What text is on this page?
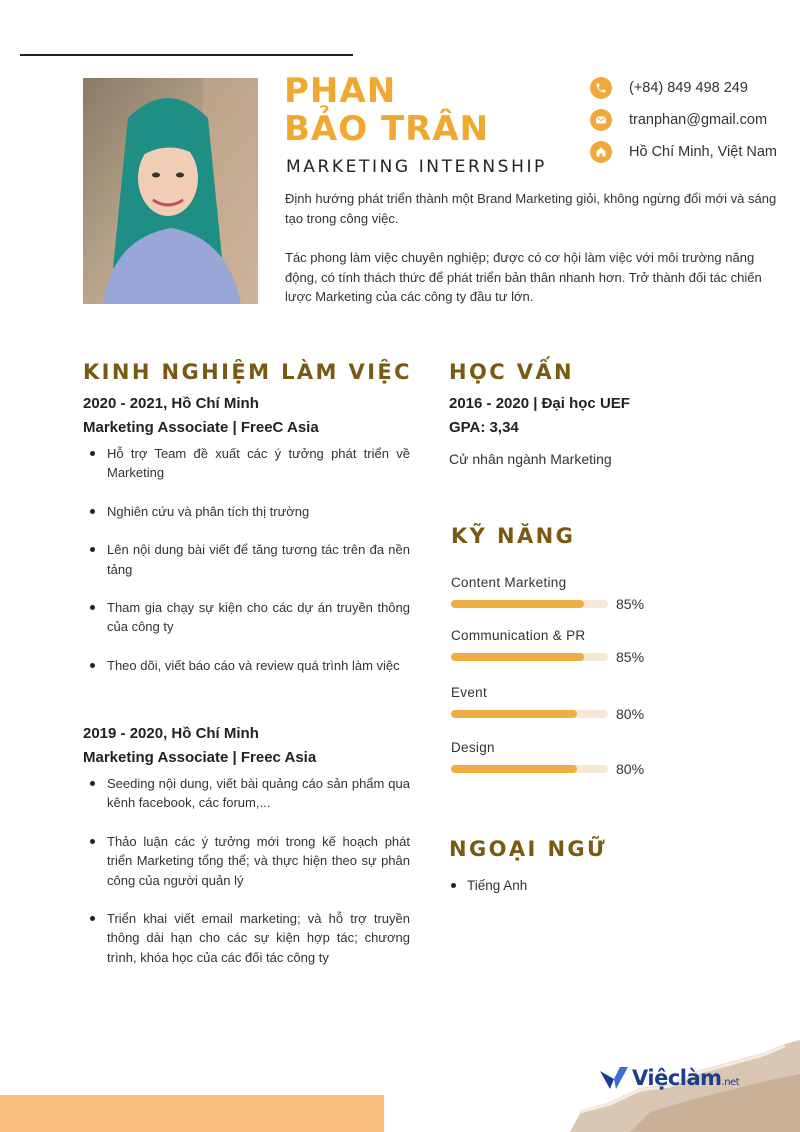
PHAN
BẢO TRÂN
MARKETING INTERNSHIP
(+84) 849 498 249
tranphan@gmail.com
Hồ Chí Minh, Việt Nam

Định hướng phát triển thành một Brand Marketing giỏi, không ngừng đổi mới và sáng tạo trong công việc.

Tác phong làm việc chuyên nghiệp; được có cơ hội làm việc với môi trường năng động, có tính thách thức để phát triển bản thân nhanh hơn. Trở thành đối tác chiến lược Marketing của các công ty đầu tư lớn.

KINH NGHIỆM LÀM VIỆC
2020 - 2021, Hồ Chí Minh
Marketing Associate | FreeC Asia
Hỗ trợ Team đề xuất các ý tưởng phát triển về Marketing
Nghiên cứu và phân tích thị trường
Lên nội dung bài viết để tăng tương tác trên đa nền tảng
Tham gia chạy sự kiện cho các dự án truyền thông của công ty
Theo dõi, viết báo cáo và review quá trình làm việc
2019 - 2020, Hồ Chí Minh
Marketing Associate | Freec Asia
Seeding nội dung, viết bài quảng cáo sản phẩm qua kênh facebook, các forum,...
Thảo luận các ý tưởng mới trong kế hoạch phát triển Marketing tổng thể; và thực hiện theo sự phân công của người quản lý
Triển khai viết email marketing; và hỗ trợ truyền thông dài hạn cho các sự kiện hợp tác; chương trình, khóa học của các đối tác công ty
HỌC VẤN
2016 - 2020 | Đại học UEF
GPA: 3,34
Cử nhân ngành Marketing
KỸ NĂNG
Content Marketing
85%
Communication & PR
85%
Event
80%
Design
80%
NGOẠI NGỮ
Tiếng Anh
Việclàm.net
